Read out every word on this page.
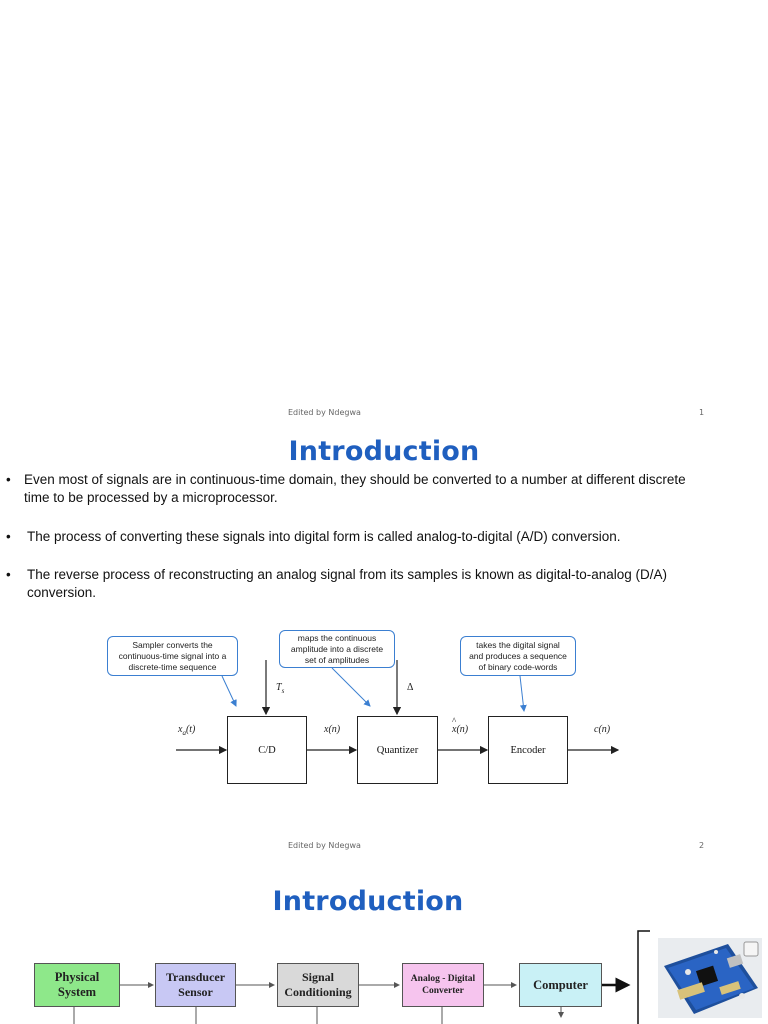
Edited by Ndegwa	1
Introduction
• Even most of signals are in continuous-time domain, they should be converted to a number at different discrete
time to be processed by a microprocessor.
• The process of converting these signals into digital form is called analog-to-digital (A/D) conversion.
• The reverse process of reconstructing an analog signal from its samples is known as digital-to-analog (D/A)
conversion.
Sampler converts the
continuous-time signal into a
discrete-time sequence
maps the continuous
amplitude into a discrete
set of amplitudes
takes the digital signal
and produces a sequence
of binary code-words
C/D	Quantizer	Encoder
$x_a(t)$	x(n)
^
x(n)	c(n)
$T_s$	Δ
Edited by Ndegwa	2
Introduction
Physical
System
Transducer
Sensor
Signal
Conditioning
Analog - Digital
Converter	Computer
